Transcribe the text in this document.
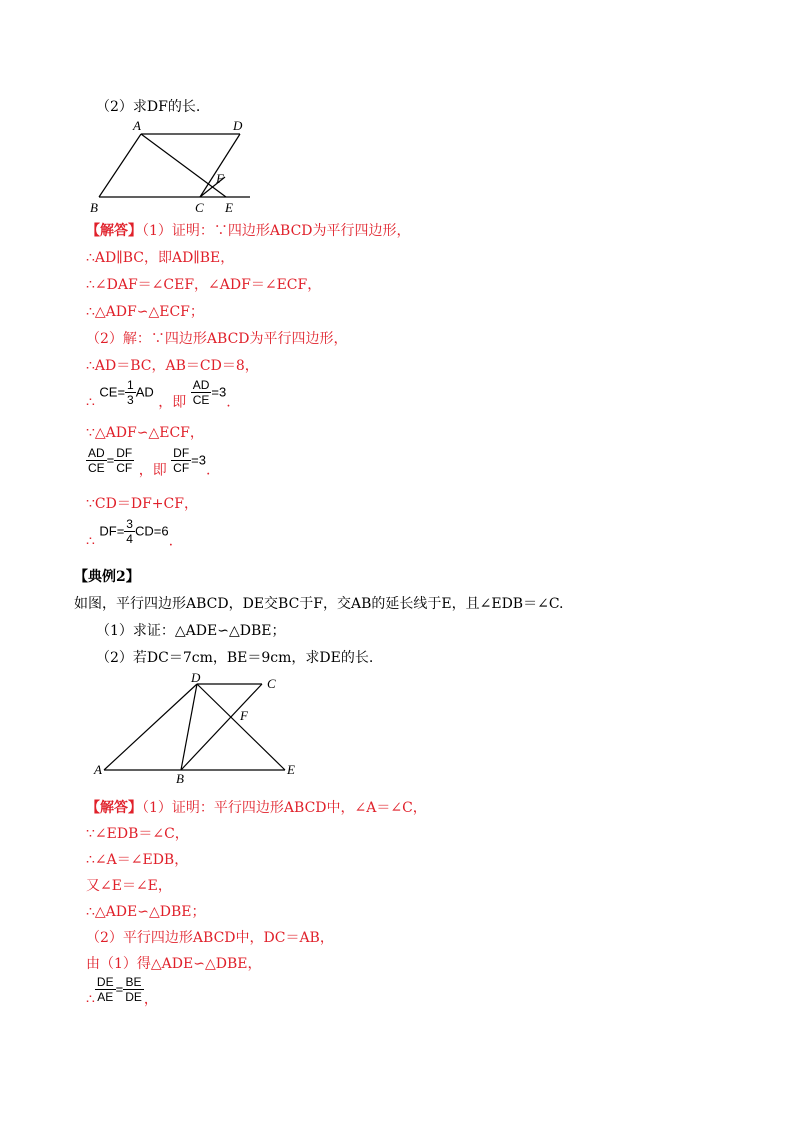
（2）求DF的长.
A	D
B	C E
F
【解答】（1）证明：∵四边形ABCD为平行四边形，
∴AD∥BC，即AD∥BE，
∴∠DAF＝∠CEF，∠ADF＝∠ECF，
∴△ADF∽△ECF；
（2）解：∵四边形ABCD为平行四边形，
∴AD＝BC，AB＝CD＝8，
∴ $CE= \frac{1}{3}$ AD ，即 $\frac{AD}{CE} =3$.
∵△ADF∽△ECF，
$\frac{AD}{CE} = \frac{DF}{CF}$ ，即 $\frac{DF}{CF} =3$.
∵CD＝DF+CF，
∴ $DF= \frac{3}{4} CD=6$.
【典例2】
如图，平行四边形ABCD，DE交BC于F，交AB的延长线于E，且∠EDB＝∠C.
（1）求证：△ADE∽△DBE；
（2）若DC＝7cm，BE＝9cm，求DE的长.
D	C
A
B
E
F
【解答】（1）证明：平行四边形ABCD中，∠A＝∠C，
∵∠EDB＝∠C，
∴∠A＝∠EDB，
又∠E＝∠E，
∴△ADE∽△DBE；
（2）平行四边形ABCD中，DC＝AB，
由（1）得△ADE∽△DBE，
∴ $\frac{DE}{AE} = \frac{BE}{DE}$ ，
